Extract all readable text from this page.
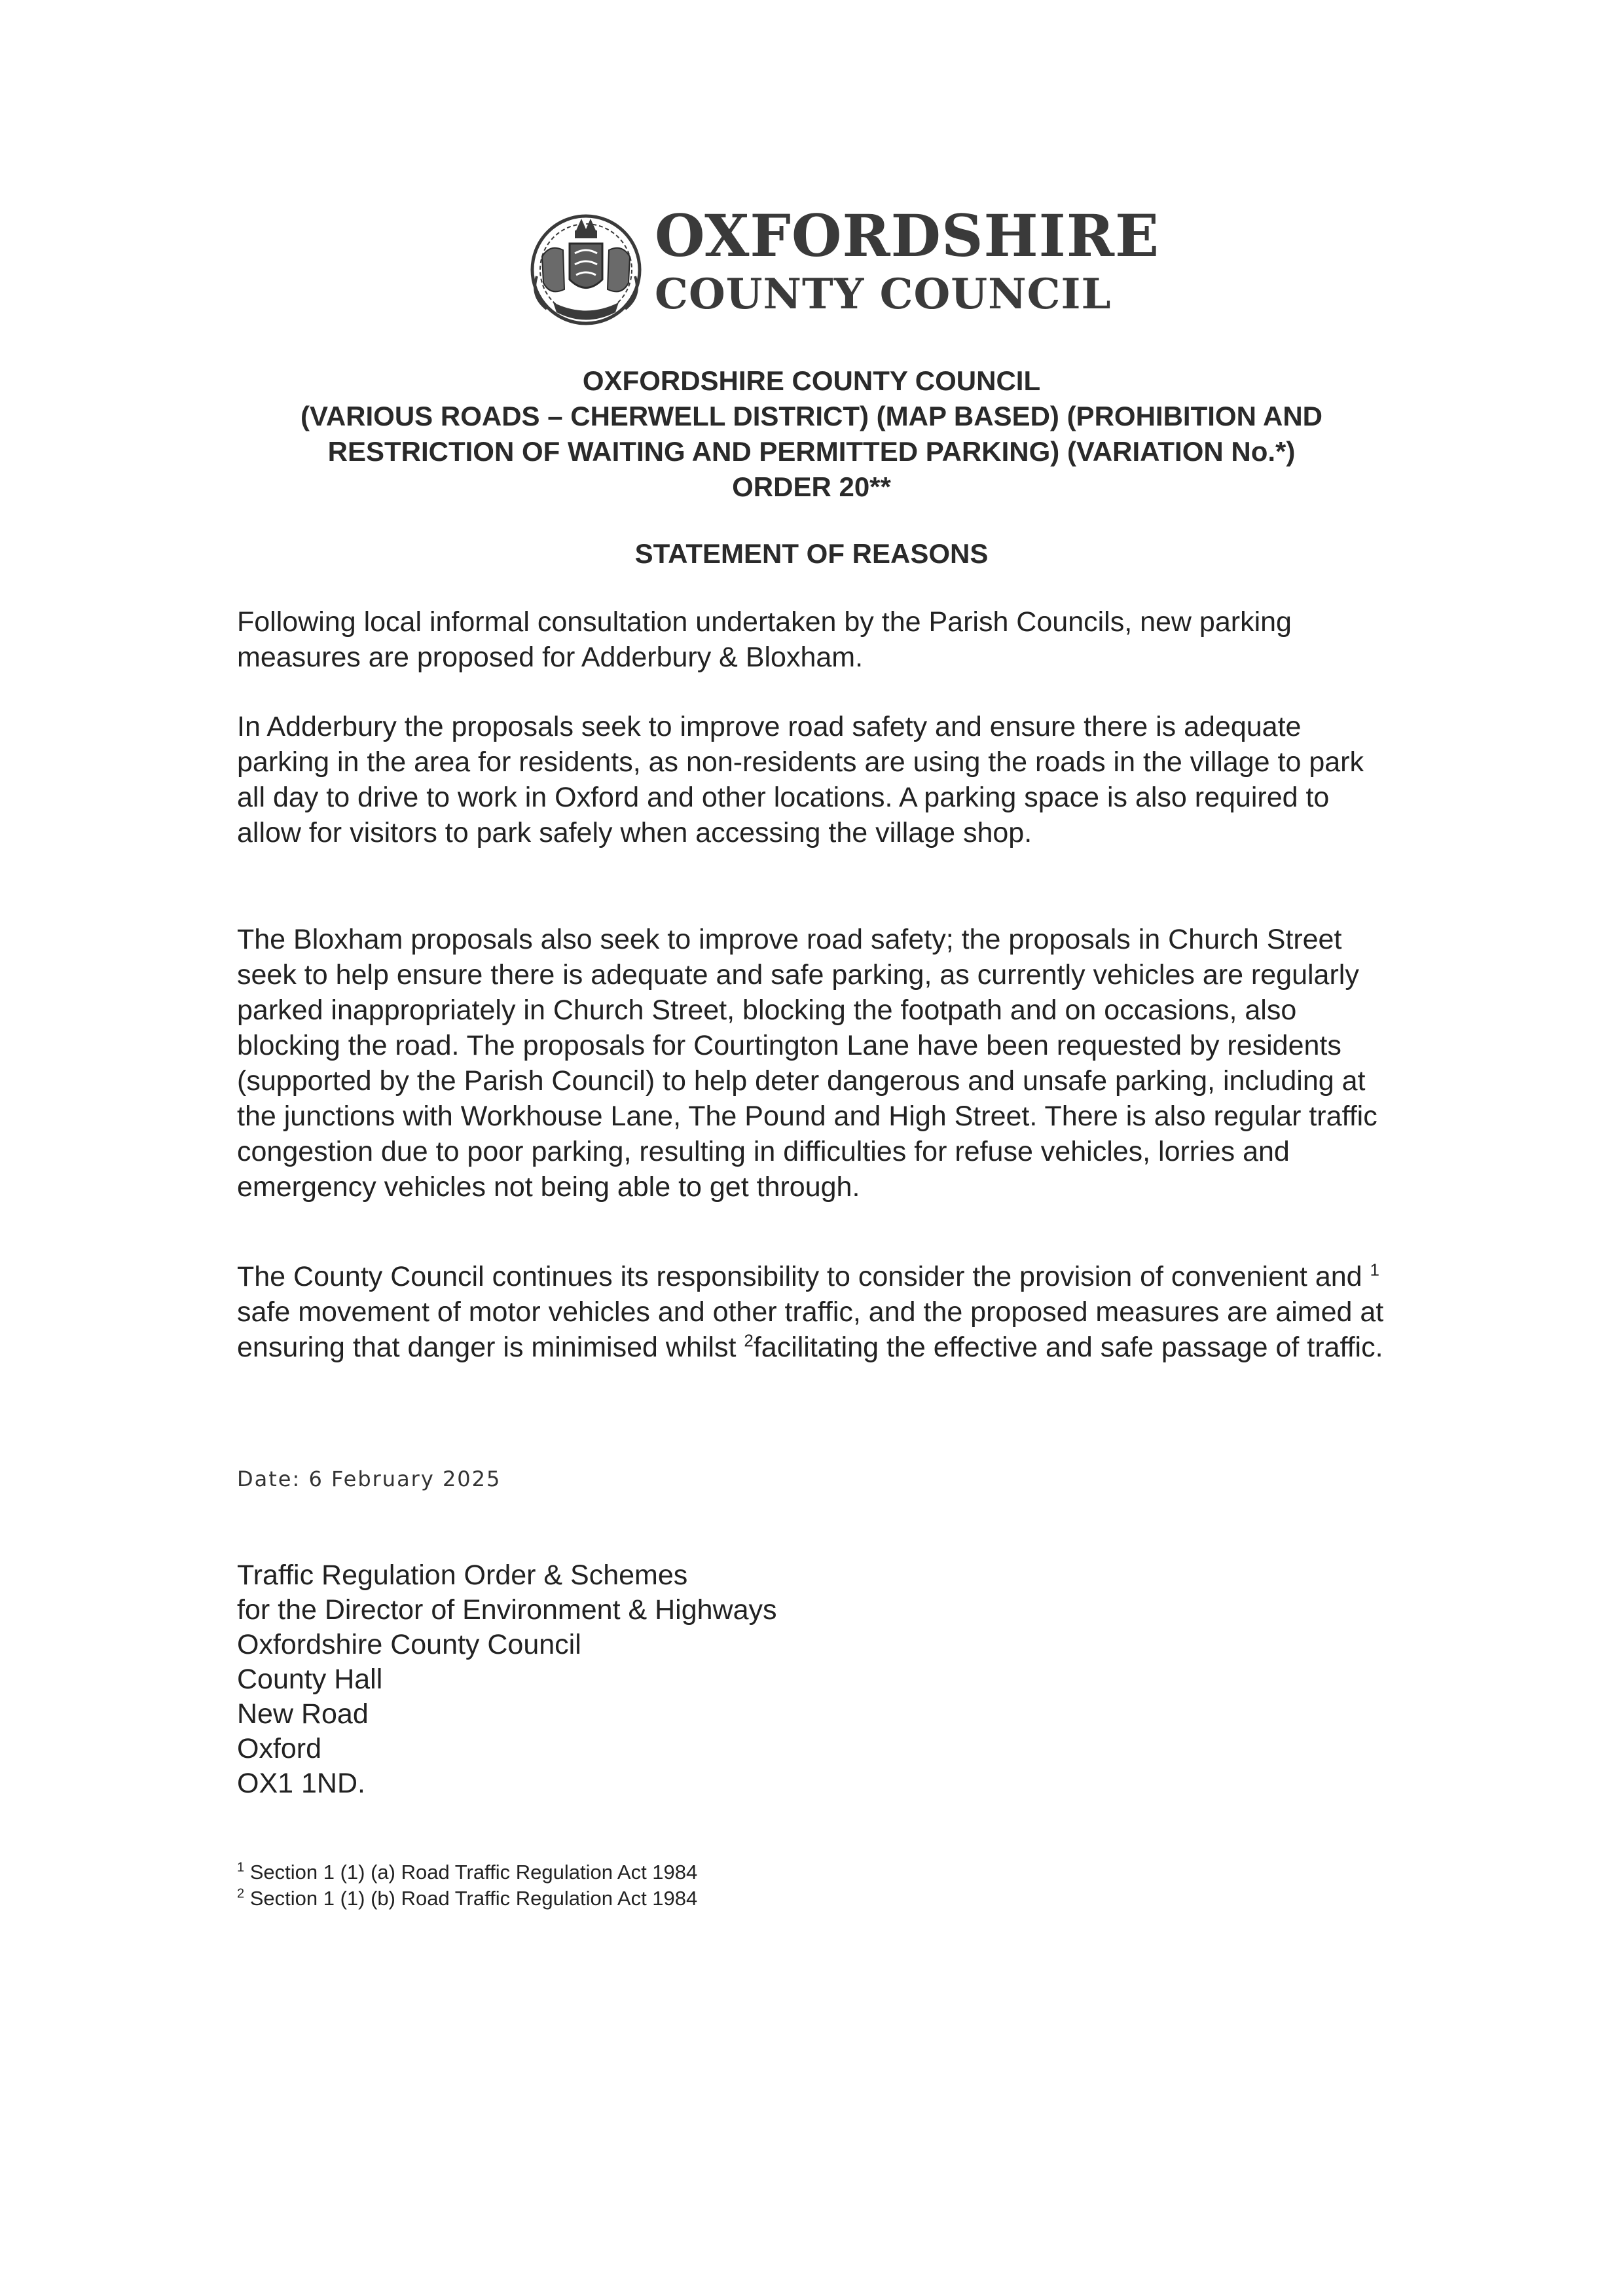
OXFORDSHIRE
COUNTY COUNCIL
OXFORDSHIRE COUNTY COUNCIL
(VARIOUS ROADS – CHERWELL DISTRICT) (MAP BASED) (PROHIBITION AND
RESTRICTION OF WAITING AND PERMITTED PARKING) (VARIATION No.*)
ORDER 20**
STATEMENT OF REASONS

Following local informal consultation undertaken by the Parish Councils, new parking measures are proposed for Adderbury & Bloxham.

In Adderbury the proposals seek to improve road safety and ensure there is adequate parking in the area for residents, as non-residents are using the roads in the village to park all day to drive to work in Oxford and other locations. A parking space is also required to allow for visitors to park safely when accessing the village shop.

The Bloxham proposals also seek to improve road safety; the proposals in Church Street seek to help ensure there is adequate and safe parking, as currently vehicles are regularly parked inappropriately in Church Street, blocking the footpath and on occasions, also blocking the road. The proposals for Courtington Lane have been requested by residents (supported by the Parish Council) to help deter dangerous and unsafe parking, including at the junctions with Workhouse Lane, The Pound and High Street. There is also regular traffic congestion due to poor parking, resulting in difficulties for refuse vehicles, lorries and emergency vehicles not being able to get through.

The County Council continues its responsibility to consider the provision of convenient and $^1$ safe movement of motor vehicles and other traffic, and the proposed measures are aimed at ensuring that danger is minimised whilst $^2$facilitating the effective and safe passage of traffic.

Date: 6 February 2025
Traffic Regulation Order & Schemes
for the Director of Environment & Highways
Oxfordshire County Council
County Hall
New Road
Oxford
OX1 1ND.
$^1$ Section 1 (1) (a) Road Traffic Regulation Act 1984
$^2$ Section 1 (1) (b) Road Traffic Regulation Act 1984
